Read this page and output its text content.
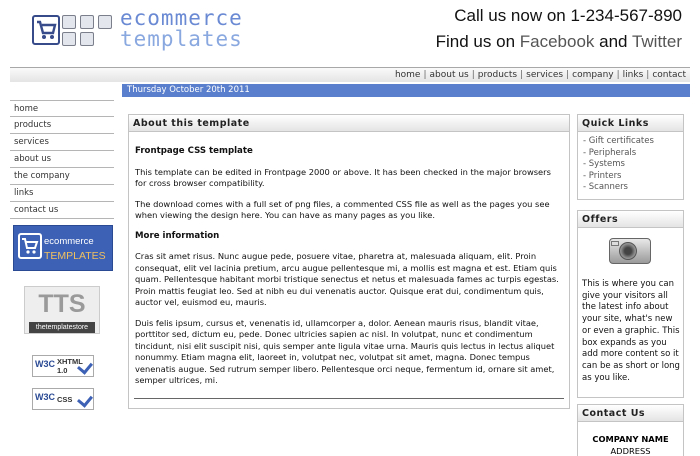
ecommerce
templates
Call us now on 1-234-567-890
Find us on Facebook and Twitter
home | about us | products | services | company | links | contact
Thursday October 20th 2011
home
products
services
about us
the company
links
contact us
ecommerce
TEMPLATES
TTS
thetemplatestore
W3C XHTML
1.0
W3C CSS
About this template

Frontpage CSS template

This template can be edited in Frontpage 2000 or above. It has been checked in the major browsers for cross browser compatibility.

The download comes with a full set of png files, a commented CSS file as well as the pages you see when viewing the design here. You can have as many pages as you like.

More information

Cras sit amet risus. Nunc augue pede, posuere vitae, pharetra at, malesuada aliquam, elit. Proin consequat, elit vel lacinia pretium, arcu augue pellentesque mi, a mollis est magna et est. Etiam quis quam. Pellentesque habitant morbi tristique senectus et netus et malesuada fames ac turpis egestas. Proin mattis feugiat leo. Sed at nibh eu dui venenatis auctor. Quisque erat dui, condimentum quis, auctor vel, euismod eu, mauris.

Duis felis ipsum, cursus et, venenatis id, ullamcorper a, dolor. Aenean mauris risus, blandit vitae, porttitor sed, dictum eu, pede. Donec ultricies sapien ac nisl. In volutpat, nunc et condimentum tincidunt, nisi elit suscipit nisi, quis semper ante ligula vitae urna. Mauris quis lectus in lectus aliquet nonummy. Etiam magna elit, laoreet in, volutpat nec, volutpat sit amet, magna. Donec tempus venenatis augue. Sed rutrum semper libero. Pellentesque orci neque, fermentum id, ornare sit amet, semper ultrices, mi.

Quick Links
- Gift certificates
- Peripherals
- Systems
- Printers
- Scanners
Offers
This is where you can give your visitors all the latest info about your site, what's new or even a graphic. This box expands as you add more content so it can be as short or long as you like.
Contact Us
COMPANY NAME
ADDRESS
